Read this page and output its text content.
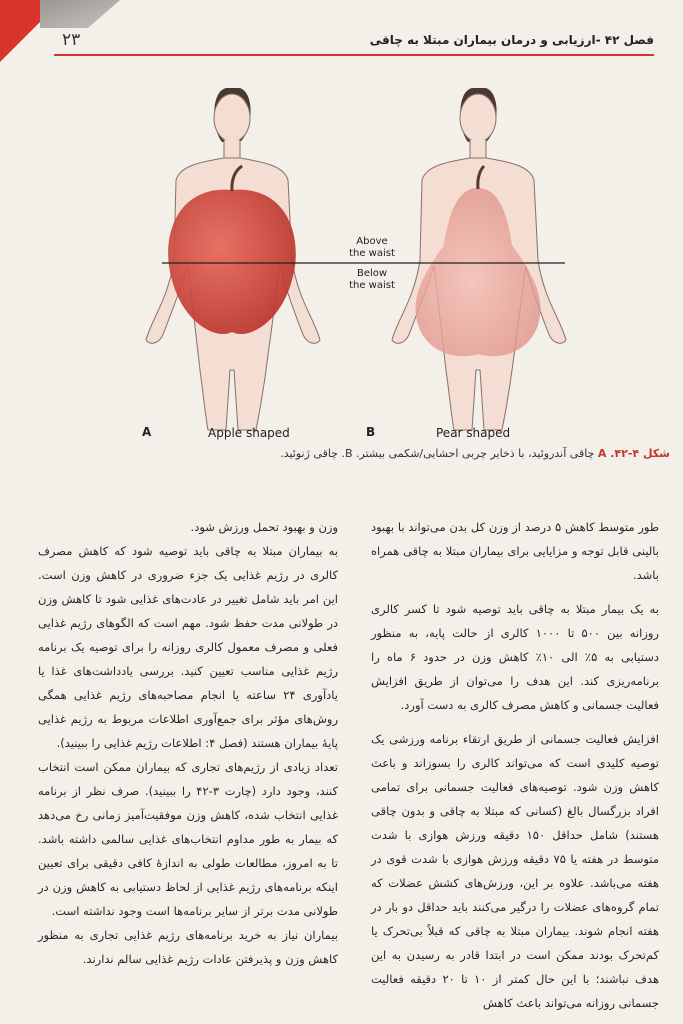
۲۳	فصل ۴۲ -ارزیابی و درمان بیماران مبتلا به چاقی
Above
the waist
Below
the waist
A	Apple shaped	B	Pear shaped
شکل ۴-۴۲. A چاقی آندروئید، با ذخایر چربی احشایی/شکمی بیشتر. B. چاقی ژنوئید.

طور متوسط کاهش ۵ درصد از وزن کل بدن می‌تواند با بهبود بالینی قابل توجه و مزایایی برای بیماران مبتلا به چاقی همراه باشد.

به یک بیمار مبتلا به چاقی باید توصیه شود تا کسر کالری روزانه بین ۵۰۰ تا ۱۰۰۰ کالری از حالت پایه، به منظور دستیابی به ۵٪ الی ۱۰٪ کاهش وزن در حدود ۶ ماه را برنامه‌ریزی کند. این هدف را می‌توان از طریق افزایش فعالیت جسمانی و کاهش مصرف کالری به دست آورد.

افزایش فعالیت جسمانی از طریق ارتقاء برنامه ورزشی یک توصیه کلیدی است که می‌تواند کالری را بسوزاند و باعث کاهش وزن شود. توصیه‌های فعالیت جسمانی برای تمامی افراد بزرگسال بالغ (کسانی که مبتلا به چاقی و بدون چاقی هستند) شامل حداقل ۱۵۰ دقیقه ورزش هوازی با شدت متوسط در هفته یا ۷۵ دقیقه ورزش هوازی با شدت قوی در هفته می‌باشد. علاوه بر این، ورزش‌های کشش عضلات که تمام گروه‌های عضلات را درگیر می‌کنند باید حداقل دو بار در هفته انجام شوند. بیماران مبتلا به چاقی که قبلاً بی‌تحرک یا کم‌تحرک بودند ممکن است در ابتدا قادر به رسیدن به این هدف نباشند؛ با این حال کمتر از ۱۰ تا ۲۰ دقیقه فعالیت جسمانی روزانه می‌تواند باعث کاهش

وزن و بهبود تحمل ورزش شود.

به بیماران مبتلا به چاقی باید توصیه شود که کاهش مصرف کالری در رژیم غذایی یک جزء ضروری در کاهش وزن است. این امر باید شامل تغییر در عادت‌های غذایی شود تا کاهش وزن در طولانی مدت حفظ شود. مهم است که الگوهای رژیم غذایی فعلی و مصرف معمول کالری روزانه را برای توصیه یک برنامه رژیم غذایی مناسب تعیین کنید. بررسی یادداشت‌های غذا یا یادآوری ۲۴ ساعته یا انجام مصاحبه‌های رژیم غذایی همگی روش‌های مؤثر برای جمع‌آوری اطلاعات مربوط به رژیم غذایی پایهٔ بیماران هستند (فصل ۴: اطلاعات رژیم غذایی را ببینید).

تعداد زیادی از رژیم‌های تجاری که بیماران ممکن است انتخاب کنند، وجود دارد (چارت ۳-۴۲ را ببینید). صرف نظر از برنامه غذایی انتخاب شده، کاهش وزن موفقیت‌آمیز زمانی رخ می‌دهد که بیمار به طور مداوم انتخاب‌های غذایی سالمی داشته باشد. تا به امروز، مطالعات طولی به اندازهٔ کافی دقیقی برای تعیین اینکه برنامه‌های رژیم غذایی از لحاظ دستیابی به کاهش وزن در طولانی مدت برتر از سایر برنامه‌ها است وجود نداشته است.

بیماران نیاز به خرید برنامه‌های رژیم غذایی تجاری به منظور کاهش وزن و پذیرفتن عادات رژیم غذایی سالم ندارند.
